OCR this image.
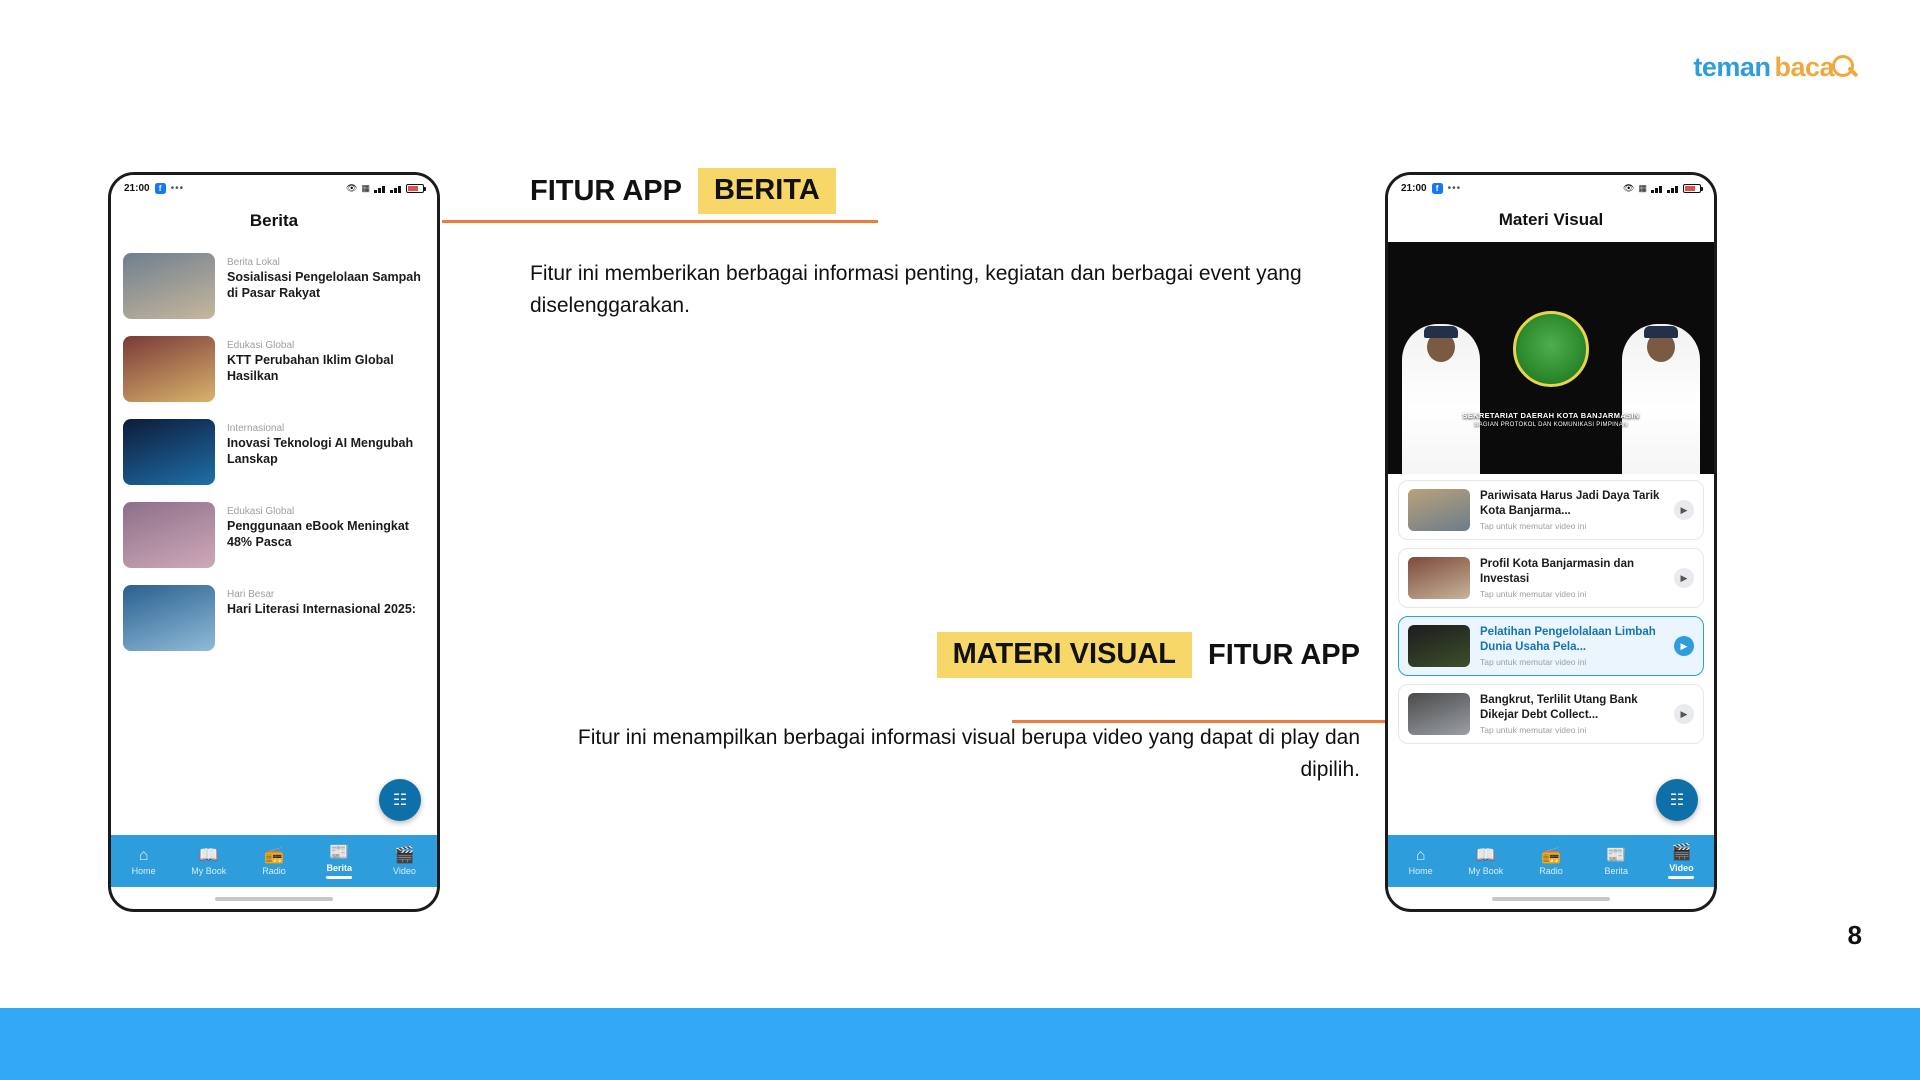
teman baca
21:00	f •••	👁 ▦
Berita
Berita Lokal
Sosialisasi Pengelolaan Sampah di Pasar Rakyat
Edukasi Global
KTT Perubahan Iklim Global Hasilkan
Internasional
Inovasi Teknologi AI Mengubah Lanskap
Edukasi Global
Penggunaan eBook Meningkat 48% Pasca
Hari Besar
Hari Literasi Internasional 2025:
☷
⌂
Home
📖
My Book
📻
Radio
📰
Berita
🎬
Video
FITUR APP	BERITA
Fitur ini memberikan berbagai informasi penting, kegiatan dan berbagai event yang diselenggarakan.
MATERI VISUAL	FITUR APP
Fitur ini menampilkan berbagai informasi visual berupa video yang dapat di play dan dipilih.
21:00	f •••	👁 ▦
Materi Visual
SEKRETARIAT DAERAH KOTA BANJARMASIN
BAGIAN PROTOKOL DAN KOMUNIKASI PIMPINAN
Pariwisata Harus Jadi Daya Tarik Kota Banjarma...
Tap untuk memutar video ini
▶
Profil Kota Banjarmasin dan Investasi
Tap untuk memutar video ini
▶
Pelatihan Pengelolalaan Limbah Dunia Usaha Pela...
Tap untuk memutar video ini
▶
Bangkrut, Terlilit Utang Bank Dikejar Debt Collect...
Tap untuk memutar video ini
▶
☷
⌂
Home
📖
My Book
📻
Radio
📰
Berita
🎬
Video
8
